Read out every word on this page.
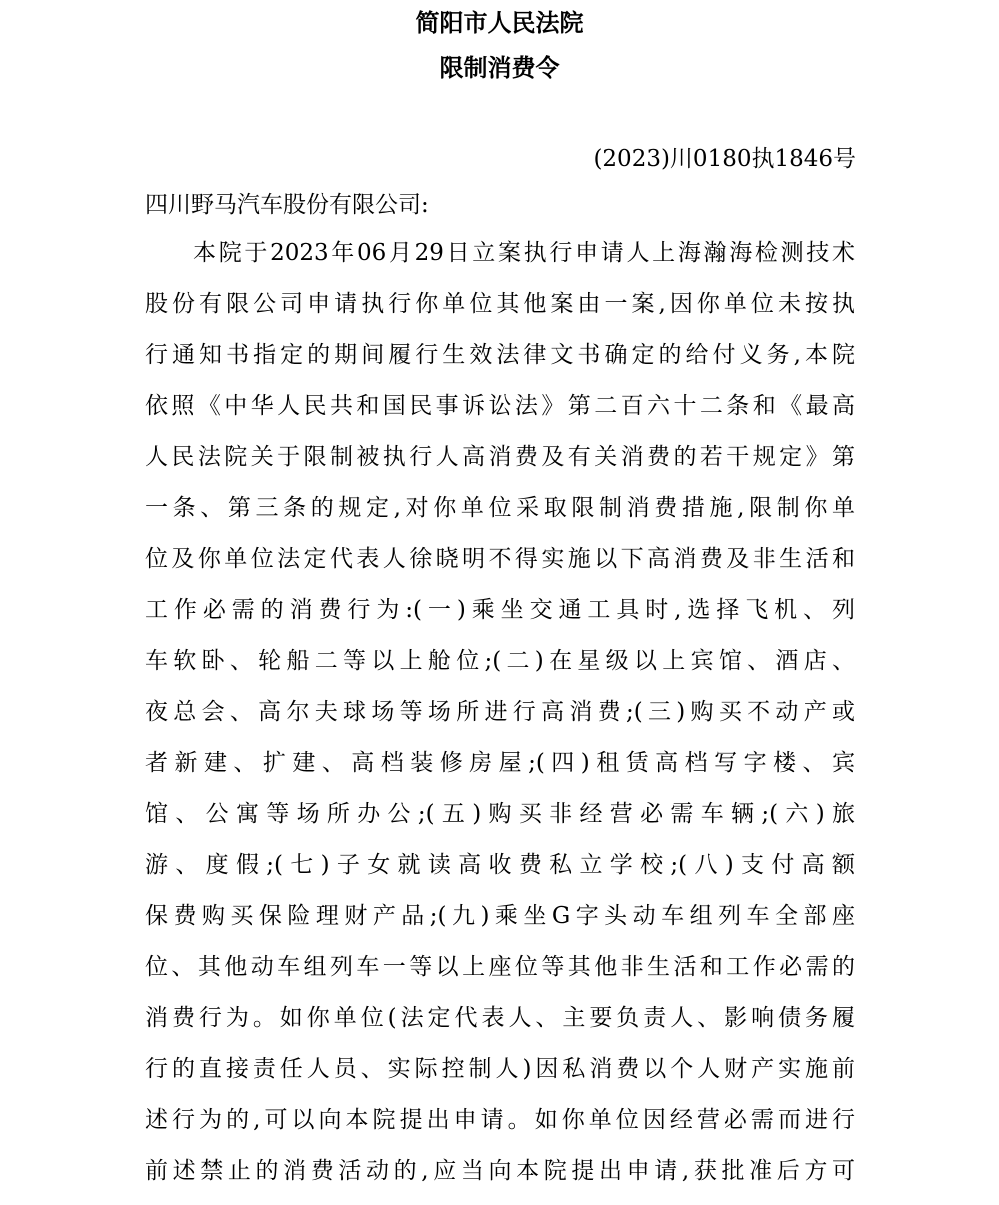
简阳市人民法院
限制消费令
(2023)川0180执1846号
四川野马汽车股份有限公司:
本院于2023年06月29日立案执行申请人上海瀚海检测技术
股份有限公司申请执行你单位其他案由一案,因你单位未按执
行通知书指定的期间履行生效法律文书确定的给付义务,本院
依照《中华人民共和国民事诉讼法》第二百六十二条和《最高
人民法院关于限制被执行人高消费及有关消费的若干规定》第
一条、第三条的规定,对你单位采取限制消费措施,限制你单
位及你单位法定代表人徐晓明不得实施以下高消费及非生活和
工作必需的消费行为:(一)乘坐交通工具时,选择飞机、列
车软卧、轮船二等以上舱位;(二)在星级以上宾馆、酒店、
夜总会、高尔夫球场等场所进行高消费;(三)购买不动产或
者新建、扩建、高档装修房屋;(四)租赁高档写字楼、宾
馆、公寓等场所办公;(五)购买非经营必需车辆;(六)旅
游、度假;(七)子女就读高收费私立学校;(八)支付高额
保费购买保险理财产品;(九)乘坐G字头动车组列车全部座
位、其他动车组列车一等以上座位等其他非生活和工作必需的
消费行为。如你单位(法定代表人、主要负责人、影响债务履
行的直接责任人员、实际控制人)因私消费以个人财产实施前
述行为的,可以向本院提出申请。如你单位因经营必需而进行
前述禁止的消费活动的,应当向本院提出申请,获批准后方可
